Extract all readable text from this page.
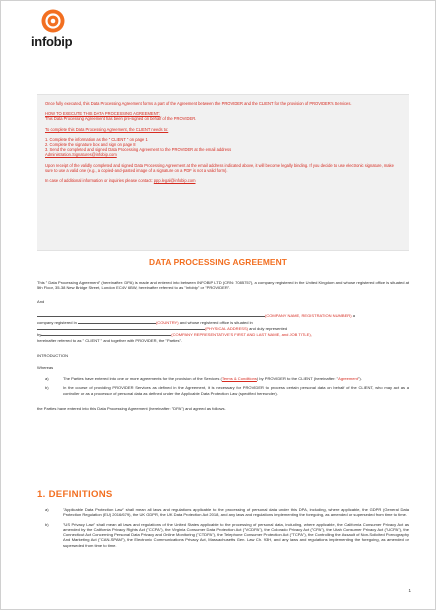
infobip

Once fully executed, this Data Processing Agreement forms a part of the Agreement between the PROVIDER and the CLIENT for the provision of PROVIDER's Services.

HOW TO EXECUTE THIS DATA PROCESSING AGREEMENT:
This Data Processing Agreement has been pre-signed on behalf of the PROVIDER.

To complete this Data Processing Agreement, the CLIENT needs to:

1. Complete the information as the " CLIENT " on page 1

2. Complete the signature box and sign on page 8

3. Send the completed and signed Data Processing Agreement to the PROVIDER at the email address
Administration.Signatures@infobip.com

Upon receipt of the validly completed and signed Data Processing Agreement at the email address indicated above, it will become legally binding. If you decide to use electronic signature, make sure to use a valid one (e.g., a copied-and-pasted image of a signature on a PDF is not a valid form).

In case of additional information or inquiries please contact: ppp.legal@infobip.com

DATA PROCESSING AGREEMENT

This " Data Processing Agreement" (hereinafter: DPA) is made and entered into between INFOBIP LTD (CRN: 7085757), a company registered in the United Kingdom and whose registered office is situated at 5th Floor, 35-38 New Bridge Street, London EC4V 6BW, hereinafter referred to as "Infobip" or "PROVIDER".

And

(COMPANY NAME, REGISTRATION NUMBER) a

company registered in	(COUNTRY) and whose registered office is situated in

(PHYSICAL ADDRESS) and duly represented

by	(COMPANY REPRESENTATIVE'S FIRST AND LAST NAME, and JOB TITLE),

hereinafter referred to as " CLIENT " and together with PROVIDER, the "Parties".

INTRODUCTION

Whereas

a)	The Parties have entered into one or more agreements for the provision of the Services (Terms & Conditions) by PROVIDER to the CLIENT (hereinafter: "Agreement").
b)	In the course of providing PROVIDER Services as defined in the Agreement, it is necessary for PROVIDER to process certain personal data on behalf of the CLIENT, who may act as a controller or as a processor of personal data as defined under the Applicable Data Protection Law (specified hereunder).

the Parties have entered into this Data Processing Agreement (hereinafter: "DPA") and agreed as follows.

1. DEFINITIONS
a)	"Applicable Data Protection Law" shall mean all laws and regulations applicable to the processing of personal data under this DPA, including, where applicable, the GDPR (General Data Protection Regulation (EU) 2016/679), the UK GDPR, the UK Data Protection Act 2018, and any laws and regulations implementing the foregoing, as amended or superseded from time to time.
b)	"US Privacy Law" shall mean all laws and regulations of the United States applicable to the processing of personal data, including, where applicable, the California Consumer Privacy Act as amended by the California Privacy Rights Act ("CCPA"), the Virginia Consumer Data Protection Act ("VCDPA"), the Colorado Privacy Act ("CPA"), the Utah Consumer Privacy Act ("UCPA"), the Connecticut Act Concerning Personal Data Privacy and Online Monitoring ("CTDPA"), the Telephone Consumer Protection Act ("TCPA"), the Controlling the Assault of Non-Solicited Pornography And Marketing Act ("CAN-SPAM"), the Electronic Communications Privacy Act, Massachusetts Gen. Law Ch. 93H, and any laws and regulations implementing the foregoing, as amended or superseded from time to time.
1
